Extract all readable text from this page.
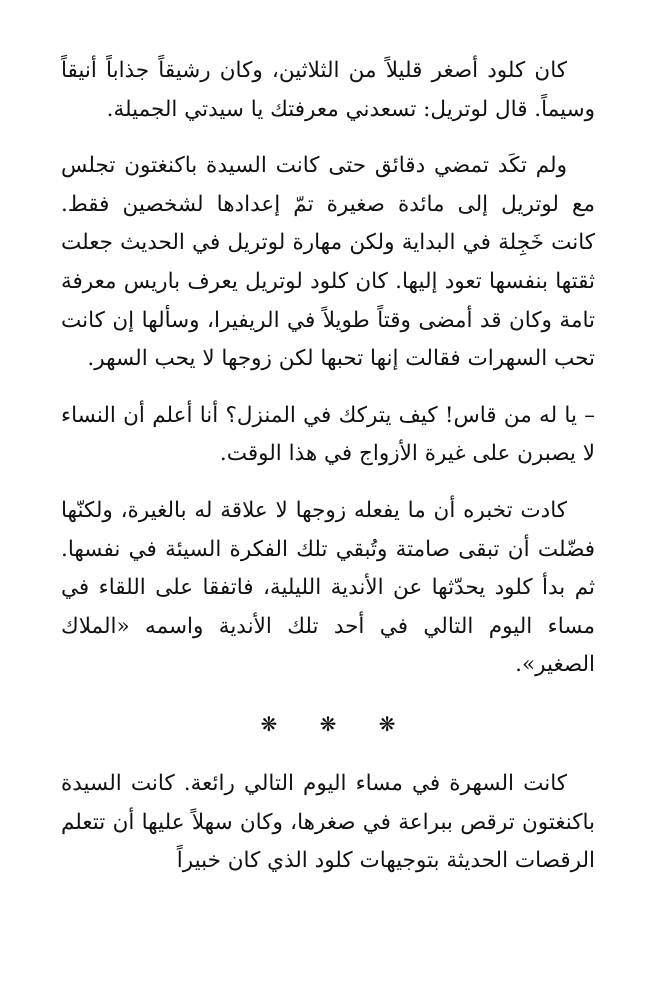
كان كلود أصغر قليلاً من الثلاثين، وكان رشيقاً جذاباً أنيقاً وسيماً. قال لوتريل: تسعدني معرفتك يا سيدتي الجميلة.

ولم تكَد تمضي دقائق حتى كانت السيدة باكنغتون تجلس مع لوتريل إلى مائدة صغيرة تمّ إعدادها لشخصين فقط. كانت خَجِلة في البداية ولكن مهارة لوتريل في الحديث جعلت ثقتها بنفسها تعود إليها. كان كلود لوتريل يعرف باريس معرفة تامة وكان قد أمضى وقتاً طويلاً في الريفيرا، وسألها إن كانت تحب السهرات فقالت إنها تحبها لكن زوجها لا يحب السهر.

– يا له من قاس! كيف يتركك في المنزل؟ أنا أعلم أن النساء لا يصبرن على غيرة الأزواج في هذا الوقت.

كادت تخبره أن ما يفعله زوجها لا علاقة له بالغيرة، ولكنّها فضّلت أن تبقى صامتة وتُبقي تلك الفكرة السيئة في نفسها. ثم بدأ كلود يحدّثها عن الأندية الليلية، فاتفقا على اللقاء في مساء اليوم التالي في أحد تلك الأندية واسمه «الملاك الصغير».

❋ ❋ ❋

كانت السهرة في مساء اليوم التالي رائعة. كانت السيدة باكنغتون ترقص ببراعة في صغرها، وكان سهلاً عليها أن تتعلم الرقصات الحديثة بتوجيهات كلود الذي كان خبيراً
